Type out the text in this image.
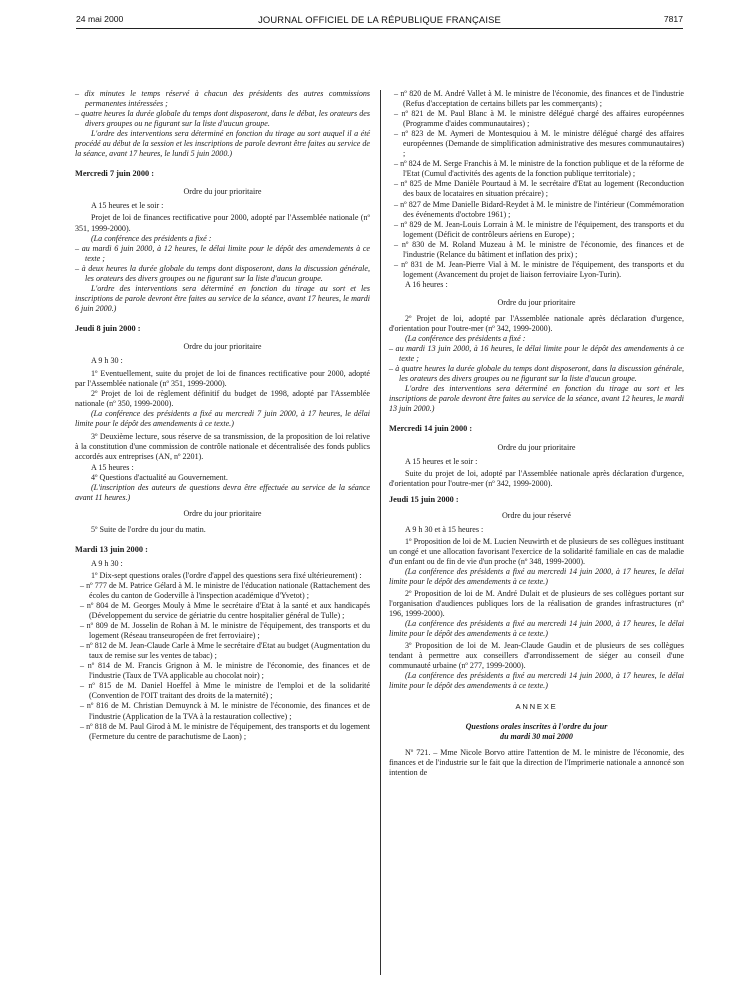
24 mai 2000	JOURNAL OFFICIEL DE LA RÉPUBLIQUE FRANÇAISE	7817

– dix minutes le temps réservé à chacun des présidents des autres commissions permanentes intéressées ;

– quatre heures la durée globale du temps dont disposeront, dans le débat, les orateurs des divers groupes ou ne figurant sur la liste d'aucun groupe.

L'ordre des interventions sera déterminé en fonction du tirage au sort auquel il a été procédé au début de la session et les inscriptions de parole devront être faites au service de la séance, avant 17 heures, le lundi 5 juin 2000.)

Mercredi 7 juin 2000 :

Ordre du jour prioritaire

A 15 heures et le soir :

Projet de loi de finances rectificative pour 2000, adopté par l'Assemblée nationale (nº 351, 1999-2000).

(La conférence des présidents a fixé :

– au mardi 6 juin 2000, à 12 heures, le délai limite pour le dépôt des amendements à ce texte ;

– à deux heures la durée globale du temps dont disposeront, dans la discussion générale, les orateurs des divers groupes ou ne figurant sur la liste d'aucun groupe.

L'ordre des interventions sera déterminé en fonction du tirage au sort et les inscriptions de parole devront être faites au service de la séance, avant 17 heures, le mardi 6 juin 2000.)

Jeudi 8 juin 2000 :

Ordre du jour prioritaire

A 9 h 30 :

1º Eventuellement, suite du projet de loi de finances rectificative pour 2000, adopté par l'Assemblée nationale (nº 351, 1999-2000).

2º Projet de loi de règlement définitif du budget de 1998, adopté par l'Assemblée nationale (nº 350, 1999-2000).

(La conférence des présidents a fixé au mercredi 7 juin 2000, à 17 heures, le délai limite pour le dépôt des amendements à ce texte.)

3º Deuxième lecture, sous réserve de sa transmission, de la proposition de loi relative à la constitution d'une commission de contrôle nationale et décentralisée des fonds publics accordés aux entreprises (AN, nº 2201).

A 15 heures :

4º Questions d'actualité au Gouvernement.

(L'inscription des auteurs de questions devra être effectuée au service de la séance avant 11 heures.)

Ordre du jour prioritaire

5º Suite de l'ordre du jour du matin.

Mardi 13 juin 2000 :

A 9 h 30 :

1º Dix-sept questions orales (l'ordre d'appel des questions sera fixé ultérieurement) :

– nº 777 de M. Patrice Gélard à M. le ministre de l'éducation nationale (Rattachement des écoles du canton de Goderville à l'inspection académique d'Yvetot) ;

– nº 804 de M. Georges Mouly à Mme le secrétaire d'Etat à la santé et aux handicapés (Développement du service de gériatrie du centre hospitalier général de Tulle) ;

– nº 809 de M. Josselin de Rohan à M. le ministre de l'équipement, des transports et du logement (Réseau transeuropéen de fret ferroviaire) ;

– nº 812 de M. Jean-Claude Carle à Mme le secrétaire d'Etat au budget (Augmentation du taux de remise sur les ventes de tabac) ;

– nº 814 de M. Francis Grignon à M. le ministre de l'économie, des finances et de l'industrie (Taux de TVA applicable au chocolat noir) ;

– nº 815 de M. Daniel Hoeffel à Mme le ministre de l'emploi et de la solidarité (Convention de l'OIT traitant des droits de la maternité) ;

– nº 816 de M. Christian Demuynck à M. le ministre de l'économie, des finances et de l'industrie (Application de la TVA à la restauration collective) ;

– nº 818 de M. Paul Girod à M. le ministre de l'équipement, des transports et du logement (Fermeture du centre de parachutisme de Laon) ;

– nº 820 de M. André Vallet à M. le ministre de l'économie, des finances et de l'industrie (Refus d'acceptation de certains billets par les commerçants) ;

– nº 821 de M. Paul Blanc à M. le ministre délégué chargé des affaires européennes (Programme d'aides communautaires) ;

– nº 823 de M. Aymeri de Montesquiou à M. le ministre délégué chargé des affaires européennes (Demande de simplification administrative des mesures communautaires) ;

– nº 824 de M. Serge Franchis à M. le ministre de la fonction publique et de la réforme de l'Etat (Cumul d'activités des agents de la fonction publique territoriale) ;

– nº 825 de Mme Danièle Pourtaud à M. le secrétaire d'Etat au logement (Reconduction des baux de locataires en situation précaire) ;

– nº 827 de Mme Danielle Bidard-Reydet à M. le ministre de l'intérieur (Commémoration des événements d'octobre 1961) ;

– nº 829 de M. Jean-Louis Lorrain à M. le ministre de l'équipement, des transports et du logement (Déficit de contrôleurs aériens en Europe) ;

– nº 830 de M. Roland Muzeau à M. le ministre de l'économie, des finances et de l'industrie (Relance du bâtiment et inflation des prix) ;

– nº 831 de M. Jean-Pierre Vial à M. le ministre de l'équipement, des transports et du logement (Avancement du projet de liaison ferroviaire Lyon-Turin).

A 16 heures :

Ordre du jour prioritaire

2º Projet de loi, adopté par l'Assemblée nationale après déclaration d'urgence, d'orientation pour l'outre-mer (nº 342, 1999-2000).

(La conférence des présidents a fixé :

– au mardi 13 juin 2000, à 16 heures, le délai limite pour le dépôt des amendements à ce texte ;

– à quatre heures la durée globale du temps dont disposeront, dans la discussion générale, les orateurs des divers groupes ou ne figurant sur la liste d'aucun groupe.

L'ordre des interventions sera déterminé en fonction du tirage au sort et les inscriptions de parole devront être faites au service de la séance, avant 12 heures, le mardi 13 juin 2000.)

Mercredi 14 juin 2000 :

Ordre du jour prioritaire

A 15 heures et le soir :

Suite du projet de loi, adopté par l'Assemblée nationale après déclaration d'urgence, d'orientation pour l'outre-mer (nº 342, 1999-2000).

Jeudi 15 juin 2000 :

Ordre du jour réservé

A 9 h 30 et à 15 heures :

1º Proposition de loi de M. Lucien Neuwirth et de plusieurs de ses collègues instituant un congé et une allocation favorisant l'exercice de la solidarité familiale en cas de maladie d'un enfant ou de fin de vie d'un proche (nº 348, 1999-2000).

(La conférence des présidents a fixé au mercredi 14 juin 2000, à 17 heures, le délai limite pour le dépôt des amendements à ce texte.)

2º Proposition de loi de M. André Dulait et de plusieurs de ses collègues portant sur l'organisation d'audiences publiques lors de la réalisation de grandes infrastructures (nº 196, 1999-2000).

(La conférence des présidents a fixé au mercredi 14 juin 2000, à 17 heures, le délai limite pour le dépôt des amendements à ce texte.)

3º Proposition de loi de M. Jean-Claude Gaudin et de plusieurs de ses collègues tendant à permettre aux conseillers d'arrondissement de siéger au conseil d'une communauté urbaine (nº 277, 1999-2000).

(La conférence des présidents a fixé au mercredi 14 juin 2000, à 17 heures, le délai limite pour le dépôt des amendements à ce texte.)

ANNEXE

Questions orales inscrites à l'ordre du jour

du mardi 30 mai 2000

Nº 721. – Mme Nicole Borvo attire l'attention de M. le ministre de l'économie, des finances et de l'industrie sur le fait que la direction de l'Imprimerie nationale a annoncé son intention de
